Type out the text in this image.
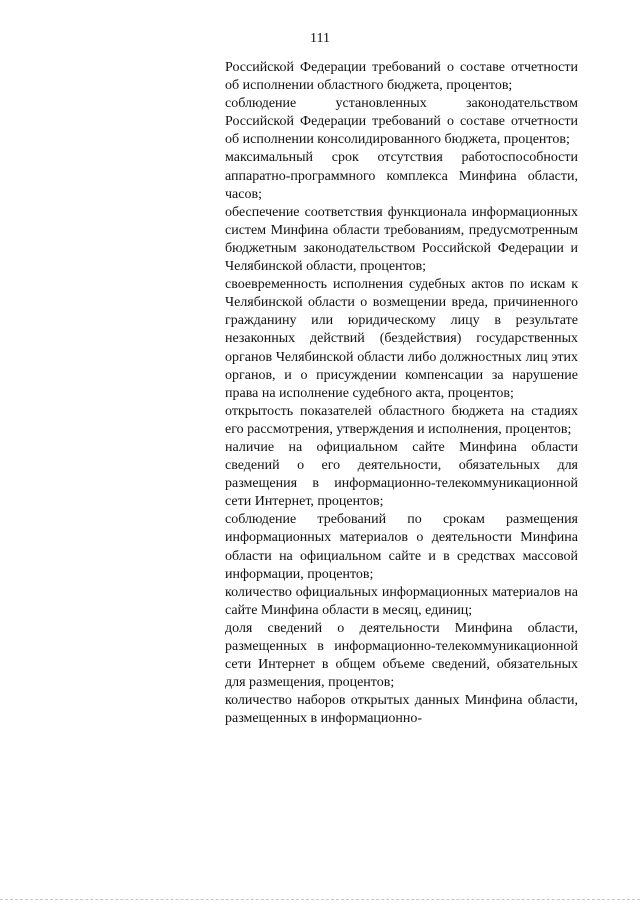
111

Российской Федерации требований о составе отчетности об исполнении областного бюджета, процентов;

соблюдение установленных законодательством Российской Федерации требований о составе отчетности об исполнении консолидированного бюджета, процентов;

максимальный срок отсутствия работоспособности аппаратно-программного комплекса Минфина области, часов;

обеспечение соответствия функционала информационных систем Минфина области требованиям, предусмотренным бюджетным законодательством Российской Федерации и Челябинской области, процентов;

своевременность исполнения судебных актов по искам к Челябинской области о возмещении вреда, причиненного гражданину или юридическому лицу в результате незаконных действий (бездействия) государственных органов Челябинской области либо должностных лиц этих органов, и о присуждении компенсации за нарушение права на исполнение судебного акта, процентов;

открытость показателей областного бюджета на стадиях его рассмотрения, утверждения и исполнения, процентов;

наличие на официальном сайте Минфина области сведений о его деятельности, обязательных для размещения в информационно-телекоммуникационной сети Интернет, процентов;

соблюдение требований по срокам размещения информационных материалов о деятельности Минфина области на официальном сайте и в средствах массовой информации, процентов;

количество официальных информационных материалов на сайте Минфина области в месяц, единиц;

доля сведений о деятельности Минфина области, размещенных в информационно-телекоммуникационной сети Интернет в общем объеме сведений, обязательных для размещения, процентов;

количество наборов открытых данных Минфина области, размещенных в информационно-
